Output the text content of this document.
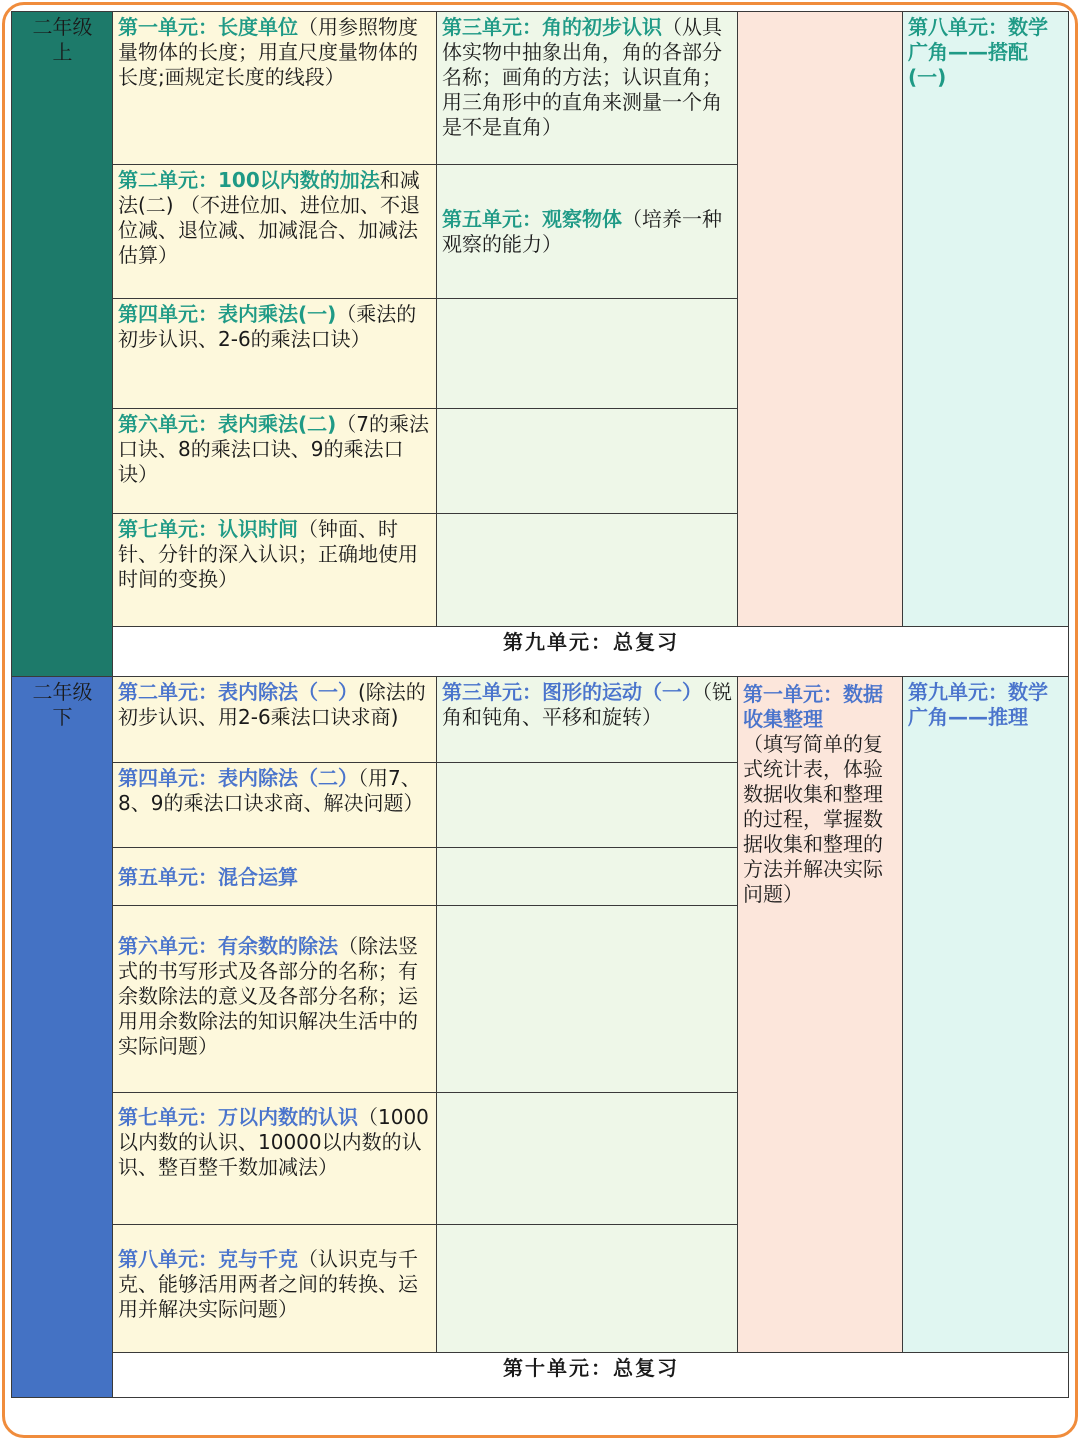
二年级
上	第一单元：长度单位（用参照物度量物体的长度；用直尺度量物体的长度;画规定长度的线段）	第三单元：角的初步认识（从具体实物中抽象出角，角的各部分名称；画角的方法；认识直角；用三角形中的直角来测量一个角是不是直角）		第八单元：数学广角——搭配(一)

	第二单元：100以内数的加法和减法(二) （不进位加、进位加、不退位减、退位减、加减混合、加减法估算）	第五单元：观察物体（培养一种观察的能力）		
	第四单元：表内乘法(一)（乘法的初步认识、2-6的乘法口诀）			
	第六单元：表内乘法(二)（7的乘法口诀、8的乘法口诀、9的乘法口诀）			
	第七单元：认识时间（钟面、时针、分针的深入认识；正确地使用时间的变换）			
	第九单元：总复习			
二年级
下	第二单元：表内除法（一）(除法的初步认识、用2-6乘法口诀求商)	第三单元：图形的运动（一）（锐角和钝角、平移和旋转）	第一单元：数据收集整理
（填写简单的复式统计表，体验数据收集和整理的过程，掌握数据收集和整理的方法并解决实际问题）	第九单元：数学广角——推理

	第四单元：表内除法（二）（用7、8、9的乘法口诀求商、解决问题）			
	第五单元：混合运算			
	第六单元：有余数的除法（除法竖式的书写形式及各部分的名称；有余数除法的意义及各部分名称；运用用余数除法的知识解决生活中的实际问题）			
	第七单元：万以内数的认识（1000以内数的认识、10000以内数的认识、整百整千数加减法）			
	第八单元：克与千克（认识克与千克、能够活用两者之间的转换、运用并解决实际问题）			
	第十单元：总复习			
